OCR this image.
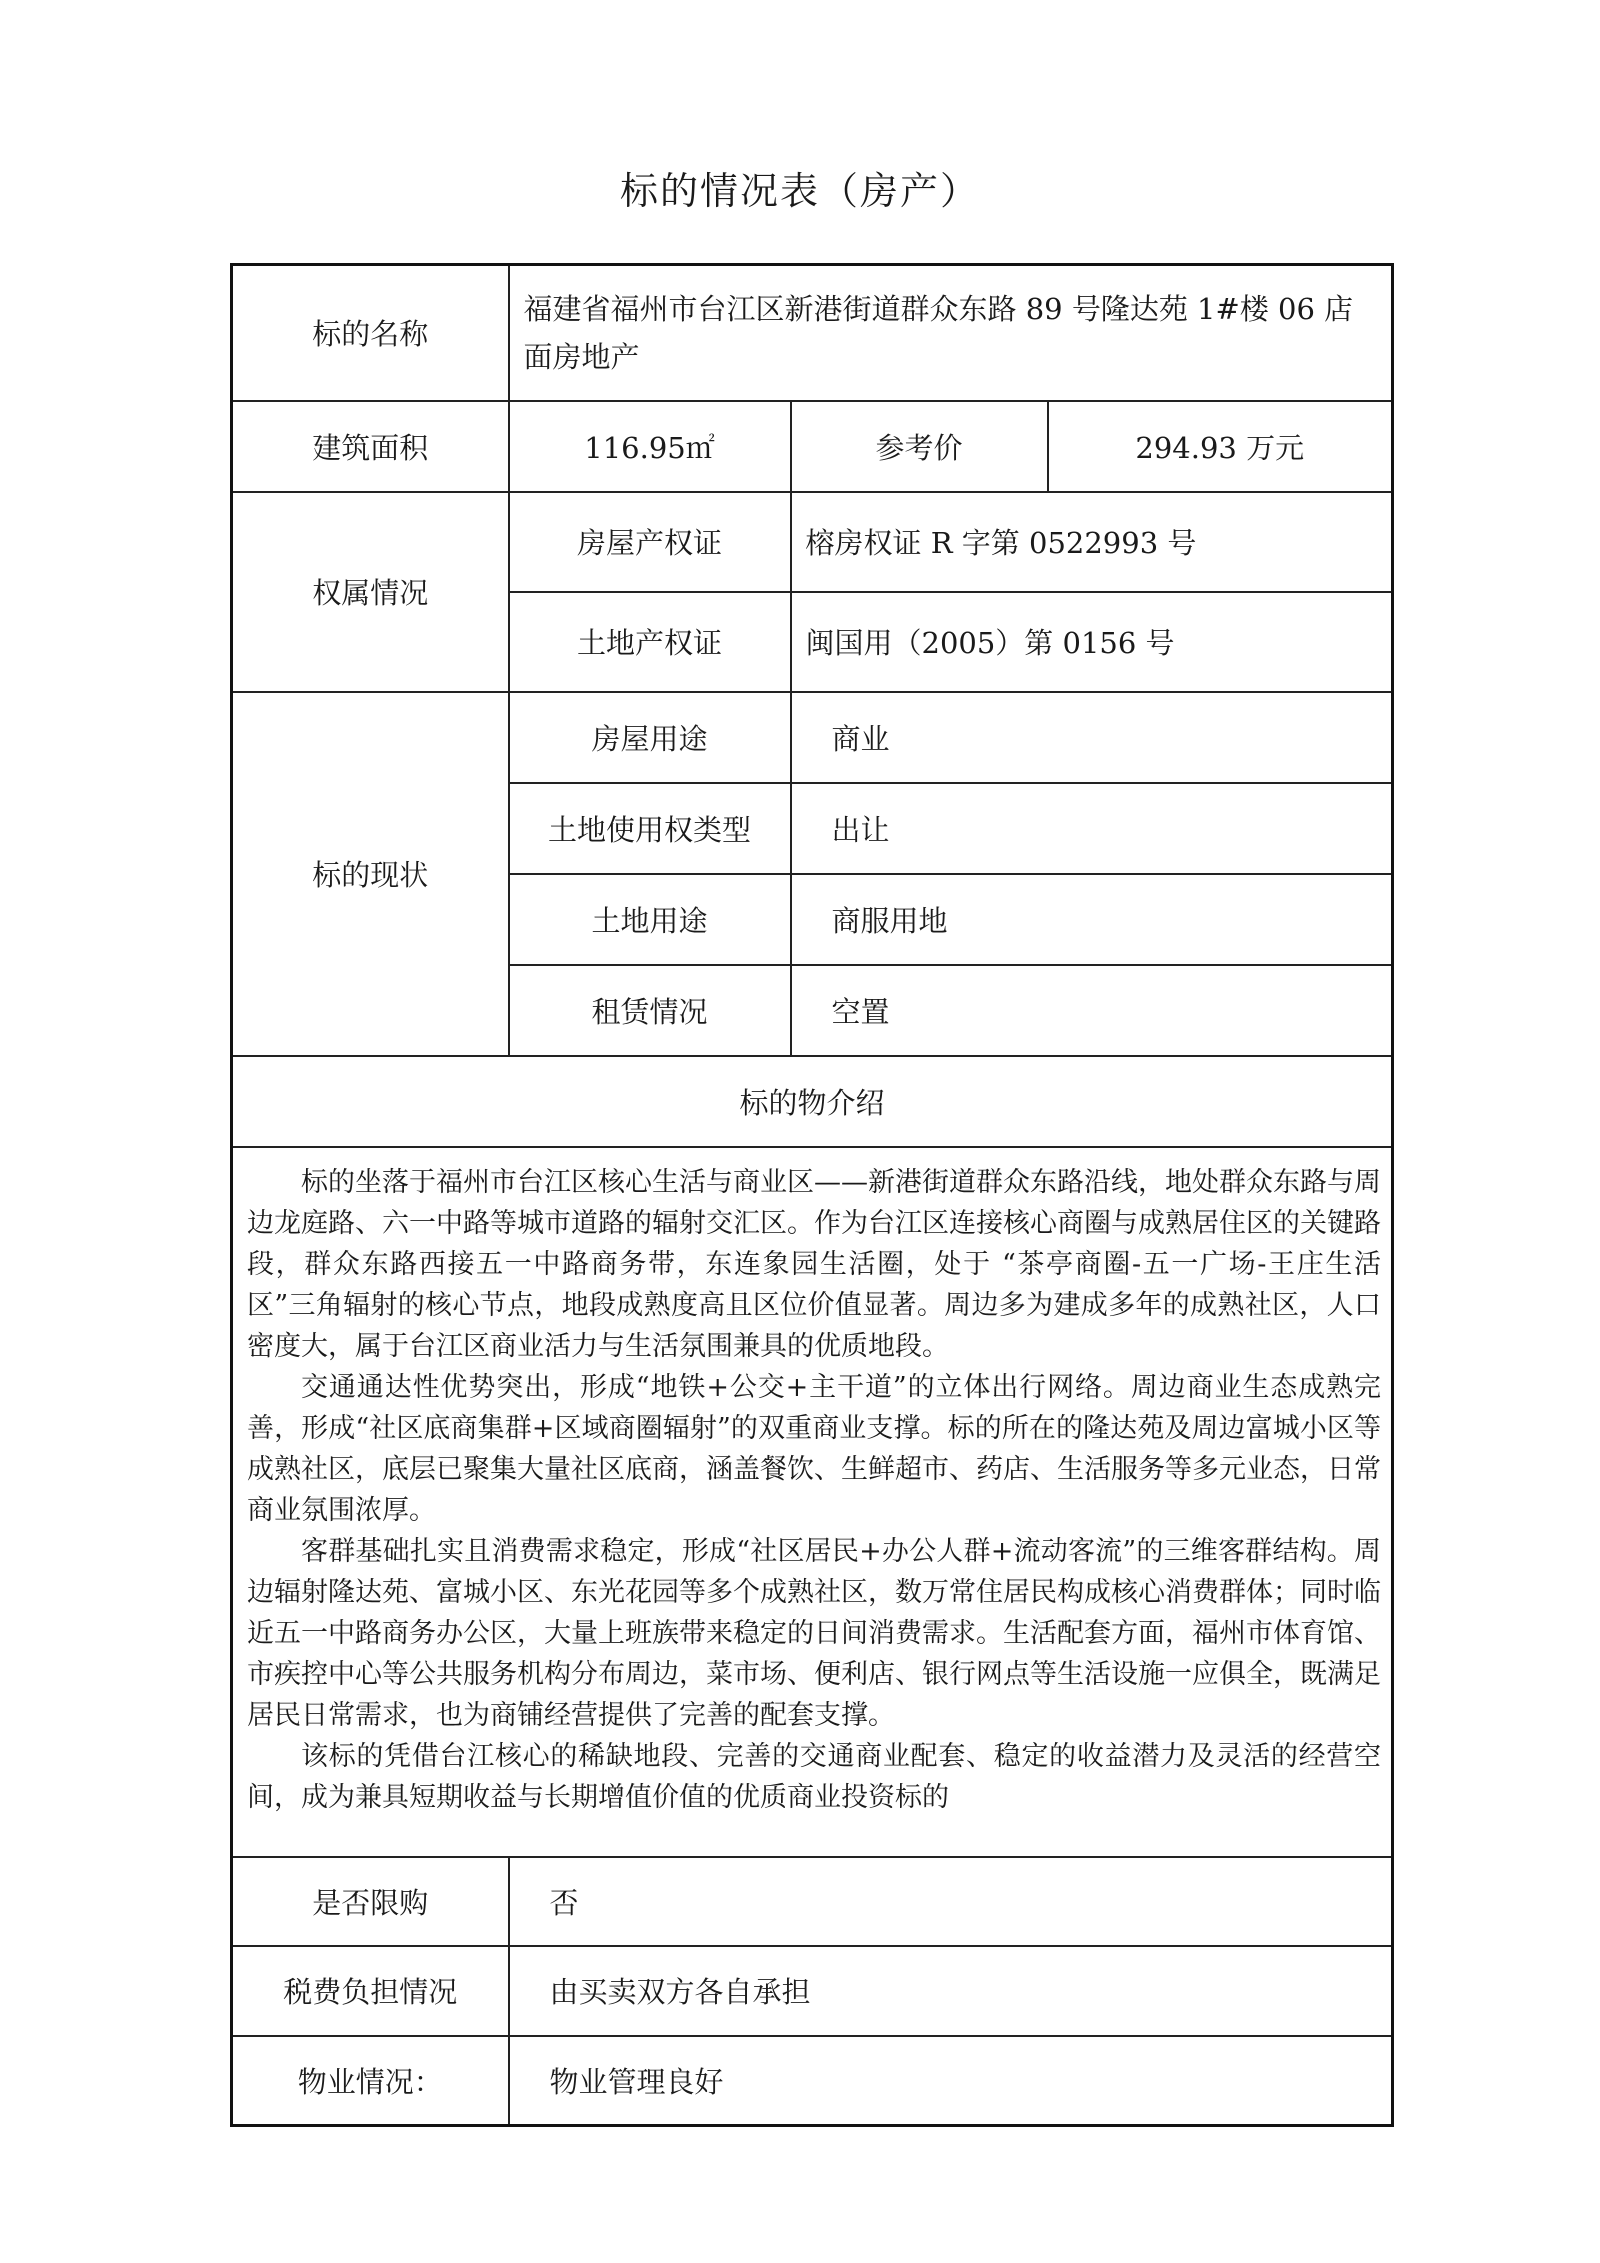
标的情况表（房产）
标的名称	福建省福州市台江区新港街道群众东路 89 号隆达苑 1#楼 06 店面房地产		
建筑面积	116.95㎡	参考价	294.93 万元
权属情况	房屋产权证	榕房权证 R 字第 0522993 号	
	土地产权证	闽国用（2005）第 0156 号	
标的现状	房屋用途	商业	
	土地使用权类型	出让	
	土地用途	商服用地	
	租赁情况	空置	
标的物介绍			

标的坐落于福州市台江区核心生活与商业区——新港街道群众东路沿线，地处群众东路与周边龙庭路、六一中路等城市道路的辐射交汇区。作为台江区连接核心商圈与成熟居住区的关键路段，群众东路西接五一中路商务带，东连象园生活圈，处于 “茶亭商圈-五一广场-王庄生活区”三角辐射的核心节点，地段成熟度高且区位价值显著。周边多为建成多年的成熟社区，人口密度大，属于台江区商业活力与生活氛围兼具的优质地段。

交通通达性优势突出，形成“地铁+公交+主干道”的立体出行网络。周边商业生态成熟完善，形成“社区底商集群+区域商圈辐射”的双重商业支撑。标的所在的隆达苑及周边富城小区等成熟社区，底层已聚集大量社区底商，涵盖餐饮、生鲜超市、药店、生活服务等多元业态，日常商业氛围浓厚。

客群基础扎实且消费需求稳定，形成“社区居民+办公人群+流动客流”的三维客群结构。周边辐射隆达苑、富城小区、东光花园等多个成熟社区，数万常住居民构成核心消费群体；同时临近五一中路商务办公区，大量上班族带来稳定的日间消费需求。生活配套方面，福州市体育馆、市疾控中心等公共服务机构分布周边，菜市场、便利店、银行网点等生活设施一应俱全，既满足居民日常需求，也为商铺经营提供了完善的配套支撑。

该标的凭借台江核心的稀缺地段、完善的交通商业配套、稳定的收益潜力及灵活的经营空间，成为兼具短期收益与长期增值价值的优质商业投资标的			

是否限购	否		
税费负担情况	由买卖双方各自承担		
物业情况：	物业管理良好		
